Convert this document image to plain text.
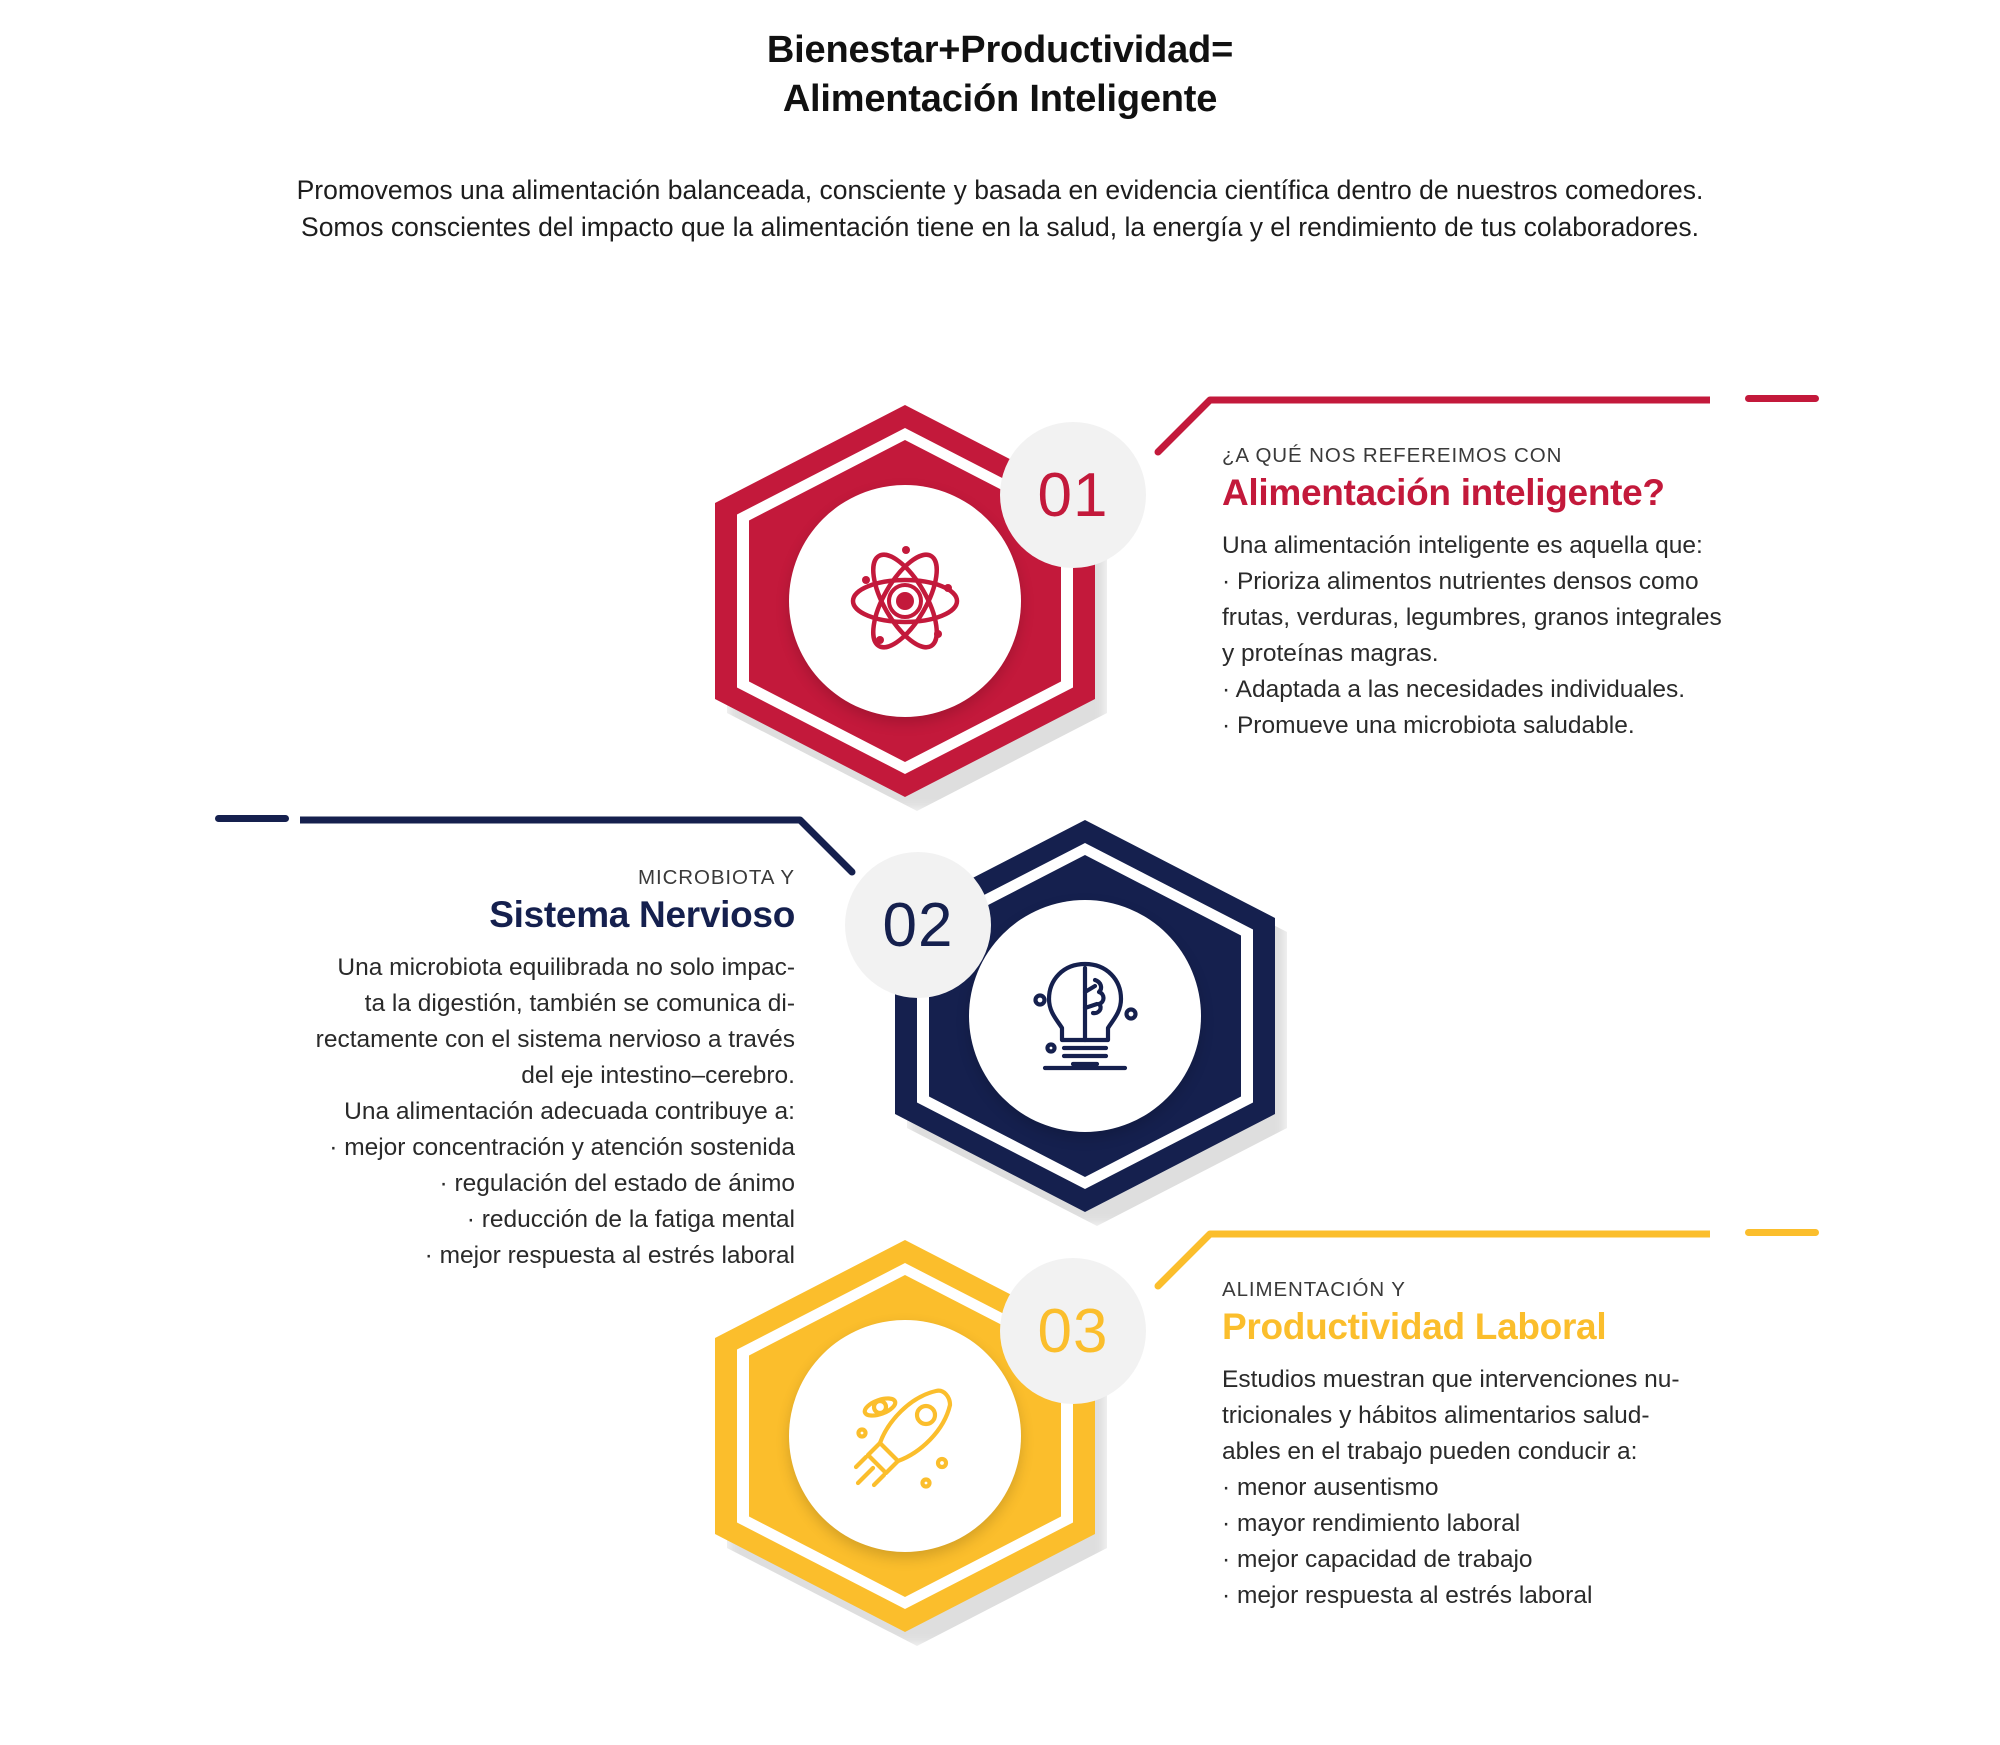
Bienestar+Productividad=
Alimentación Inteligente
Promovemos una alimentación balanceada, consciente y basada en evidencia científica dentro de nuestros comedores.
Somos conscientes del impacto que la alimentación tiene en la salud, la energía y el rendimiento de tus colaboradores.
01
¿A QUÉ NOS REFEREIMOS CON
Alimentación inteligente?

Una alimentación inteligente es aquella que:

· Prioriza alimentos nutrientes densos como

frutas, verduras, legumbres, granos integrales

y proteínas magras.

· Adaptada a las necesidades individuales.

· Promueve una microbiota saludable.

02
MICROBIOTA Y
Sistema Nervioso

Una microbiota equilibrada no solo impac-

ta la digestión, también se comunica di-

rectamente con el sistema nervioso a través

del eje intestino–cerebro.

Una alimentación adecuada contribuye a:

· mejor concentración y atención sostenida

· regulación del estado de ánimo

· reducción de la fatiga mental

· mejor respuesta al estrés laboral

03
ALIMENTACIÓN Y
Productividad Laboral

Estudios muestran que intervenciones nu-

tricionales y hábitos alimentarios salud-

ables en el trabajo pueden conducir a:

· menor ausentismo

· mayor rendimiento laboral

· mejor capacidad de trabajo

· mejor respuesta al estrés laboral
